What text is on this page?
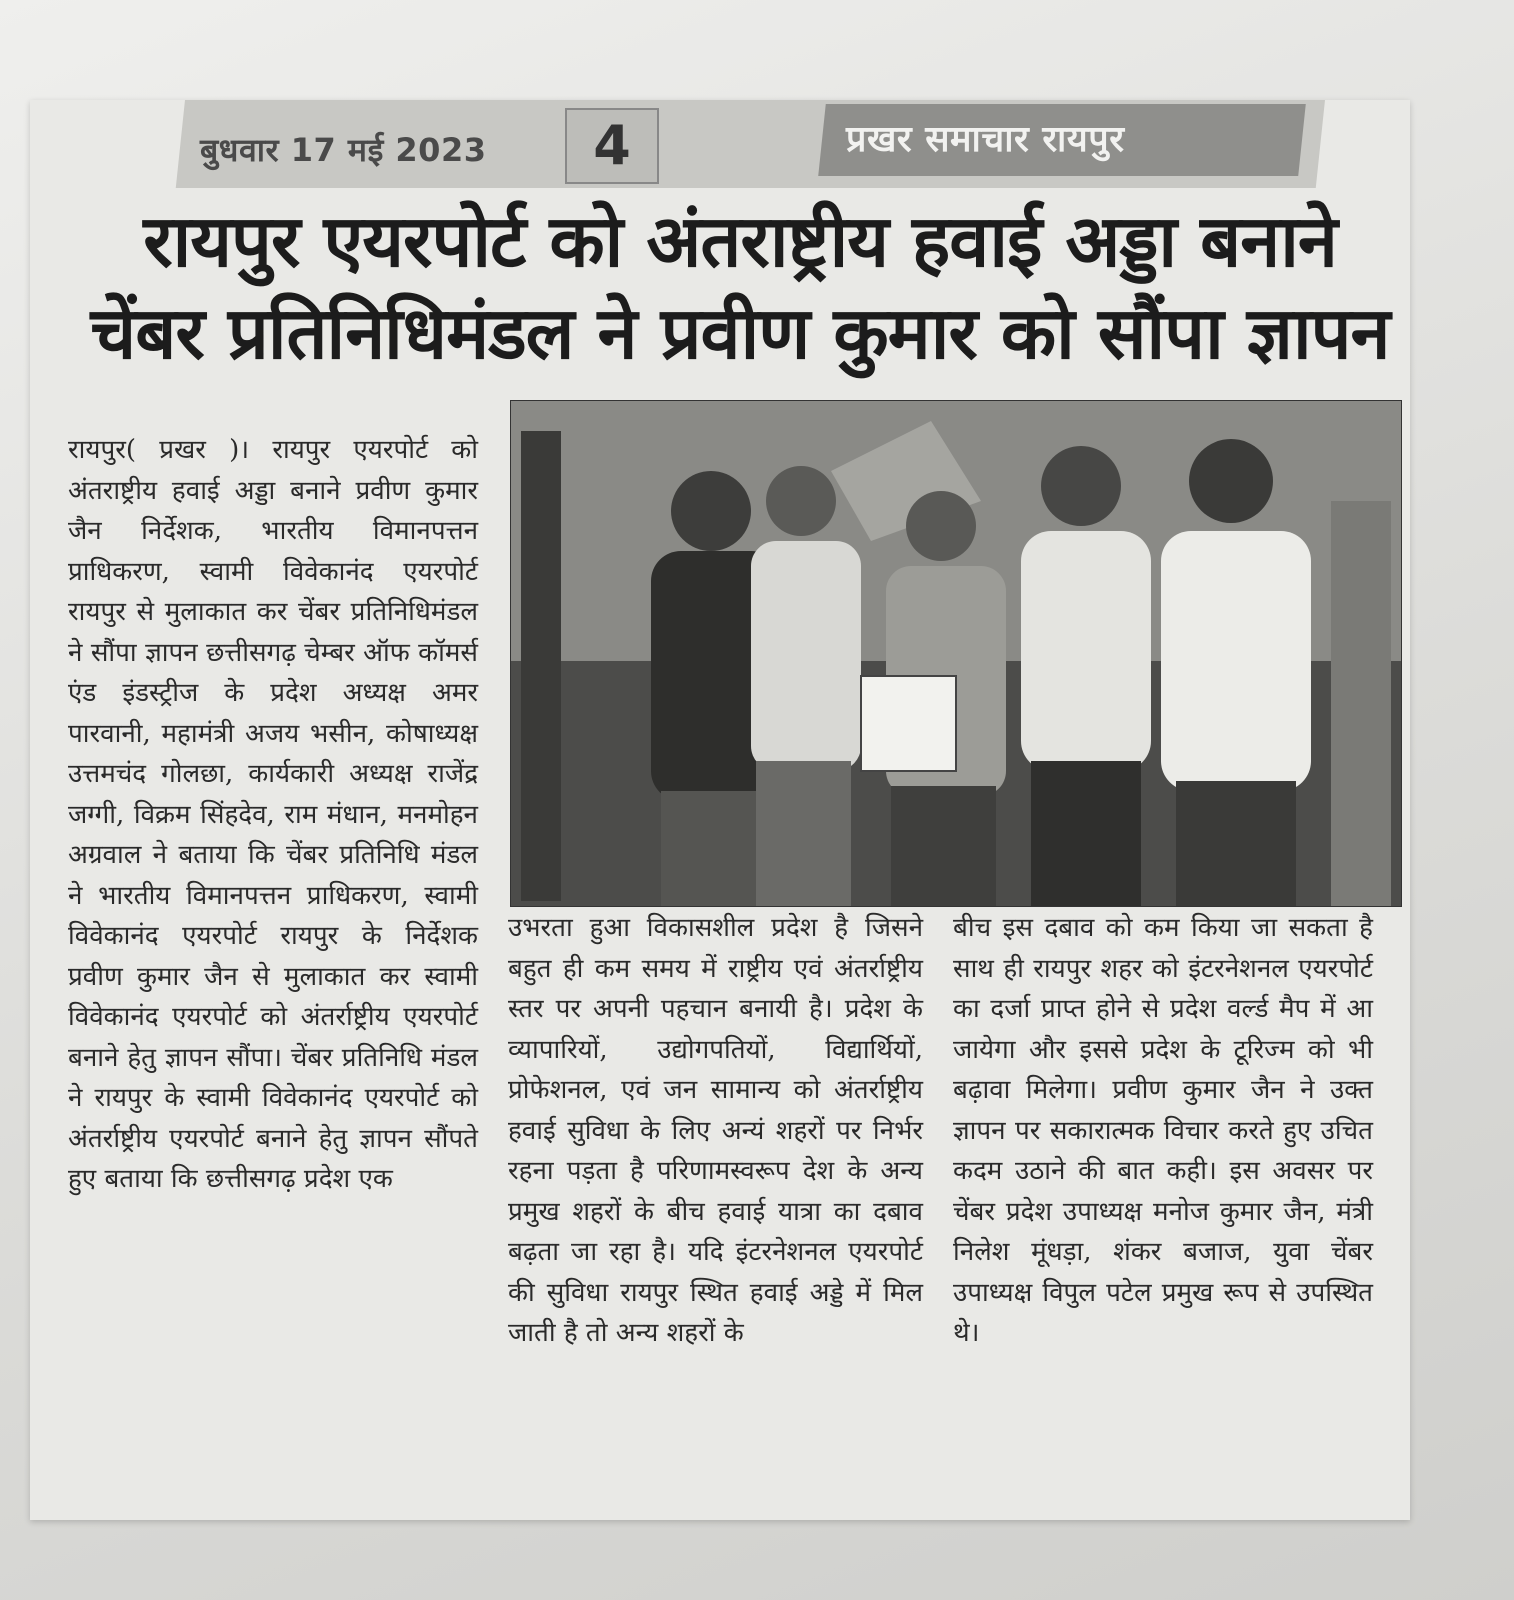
बुधवार 17 मई 2023	4	प्रखर समाचार रायपुर
रायपुर एयरपोर्ट को अंतराष्ट्रीय हवाई अड्डा बनाने
चेंबर प्रतिनिधिमंडल ने प्रवीण कुमार को सौंपा ज्ञापन
रायपुर( प्रखर )। रायपुर एयरपोर्ट को अंतराष्ट्रीय हवाई अड्डा बनाने प्रवीण कुमार जैन निर्देशक, भारतीय विमानपत्तन प्राधिकरण, स्वामी विवेकानंद एयरपोर्ट रायपुर से मुलाकात कर चेंबर प्रतिनिधिमंडल ने सौंपा ज्ञापन छत्तीसगढ़ चेम्बर ऑफ कॉमर्स एंड इंडस्ट्रीज के प्रदेश अध्यक्ष अमर पारवानी, महामंत्री अजय भसीन, कोषाध्यक्ष उत्तमचंद गोलछा, कार्यकारी अध्यक्ष राजेंद्र जग्गी, विक्रम सिंहदेव, राम मंधान, मनमोहन अग्रवाल ने बताया कि चेंबर प्रतिनिधि मंडल ने भारतीय विमानपत्तन प्राधिकरण, स्वामी विवेकानंद एयरपोर्ट रायपुर के निर्देशक प्रवीण कुमार जैन से मुलाकात कर स्वामी विवेकानंद एयरपोर्ट को अंतर्राष्ट्रीय एयरपोर्ट बनाने हेतु ज्ञापन सौंपा। चेंबर प्रतिनिधि मंडल ने रायपुर के स्वामी विवेकानंद एयरपोर्ट को अंतर्राष्ट्रीय एयरपोर्ट बनाने हेतु ज्ञापन सौंपते हुए बताया कि छत्तीसगढ़ प्रदेश एक
उभरता हुआ विकासशील प्रदेश है जिसने बहुत ही कम समय में राष्ट्रीय एवं अंतर्राष्ट्रीय स्तर पर अपनी पहचान बनायी है। प्रदेश के व्यापारियों, उद्योगपतियों, विद्यार्थियों, प्रोफेशनल, एवं जन सामान्य को अंतर्राष्ट्रीय हवाई सुविधा के लिए अन्यं शहरों पर निर्भर रहना पड़ता है परिणामस्वरूप देश के अन्य प्रमुख शहरों के बीच हवाई यात्रा का दबाव बढ़ता जा रहा है। यदि इंटरनेशनल एयरपोर्ट की सुविधा रायपुर स्थित हवाई अड्डे में मिल जाती है तो अन्य शहरों के
बीच इस दबाव को कम किया जा सकता है साथ ही रायपुर शहर को इंटरनेशनल एयरपोर्ट का दर्जा प्राप्त होने से प्रदेश वर्ल्ड मैप में आ जायेगा और इससे प्रदेश के टूरिज्म को भी बढ़ावा मिलेगा। प्रवीण कुमार जैन ने उक्त ज्ञापन पर सकारात्मक विचार करते हुए उचित कदम उठाने की बात कही। इस अवसर पर चेंबर प्रदेश उपाध्यक्ष मनोज कुमार जैन, मंत्री निलेश मूंधड़ा, शंकर बजाज, युवा चेंबर उपाध्यक्ष विपुल पटेल प्रमुख रूप से उपस्थित थे।
